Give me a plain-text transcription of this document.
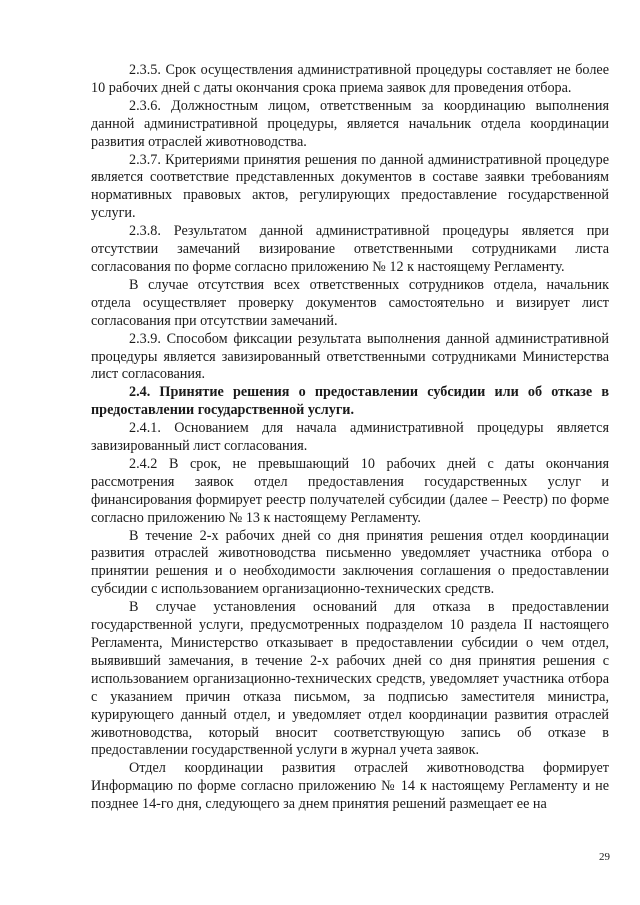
2.3.5. Срок осуществления административной процедуры составляет не более 10 рабочих дней с даты окончания срока приема заявок для проведения отбора.

2.3.6. Должностным лицом, ответственным за координацию выполнения данной административной процедуры, является начальник отдела координации развития отраслей животноводства.

2.3.7. Критериями принятия решения по данной административной процедуре является соответствие представленных документов в составе заявки требованиям нормативных правовых актов, регулирующих предоставление государственной услуги.

2.3.8. Результатом данной административной процедуры является при отсутствии замечаний визирование ответственными сотрудниками листа согласования по форме согласно приложению № 12 к настоящему Регламенту.

В случае отсутствия всех ответственных сотрудников отдела, начальник отдела осуществляет проверку документов самостоятельно и визирует лист согласования при отсутствии замечаний.

2.3.9. Способом фиксации результата выполнения данной административной процедуры является завизированный ответственными сотрудниками Министерства лист согласования.

2.4. Принятие решения о предоставлении субсидии или об отказе в предоставлении государственной услуги.

2.4.1. Основанием для начала административной процедуры является завизированный лист согласования.

2.4.2 В срок, не превышающий 10 рабочих дней с даты окончания рассмотрения заявок отдел предоставления государственных услуг и финансирования формирует реестр получателей субсидии (далее – Реестр) по форме согласно приложению № 13 к настоящему Регламенту.

В течение 2-х рабочих дней со дня принятия решения отдел координации развития отраслей животноводства письменно уведомляет участника отбора о принятии решения и о необходимости заключения соглашения о предоставлении субсидии с использованием организационно-технических средств.

В случае установления оснований для отказа в предоставлении государственной услуги, предусмотренных подразделом 10 раздела II настоящего Регламента, Министерство отказывает в предоставлении субсидии о чем отдел, выявивший замечания, в течение 2-х рабочих дней со дня принятия решения с использованием организационно-технических средств, уведомляет участника отбора с указанием причин отказа письмом, за подписью заместителя министра, курирующего данный отдел, и уведомляет отдел координации развития отраслей животноводства, который вносит соответствующую запись об отказе в предоставлении государственной услуги в журнал учета заявок.

Отдел координации развития отраслей животноводства формирует Информацию по форме согласно приложению № 14 к настоящему Регламенту и не позднее 14-го дня, следующего за днем принятия решений размещает ее на

29
